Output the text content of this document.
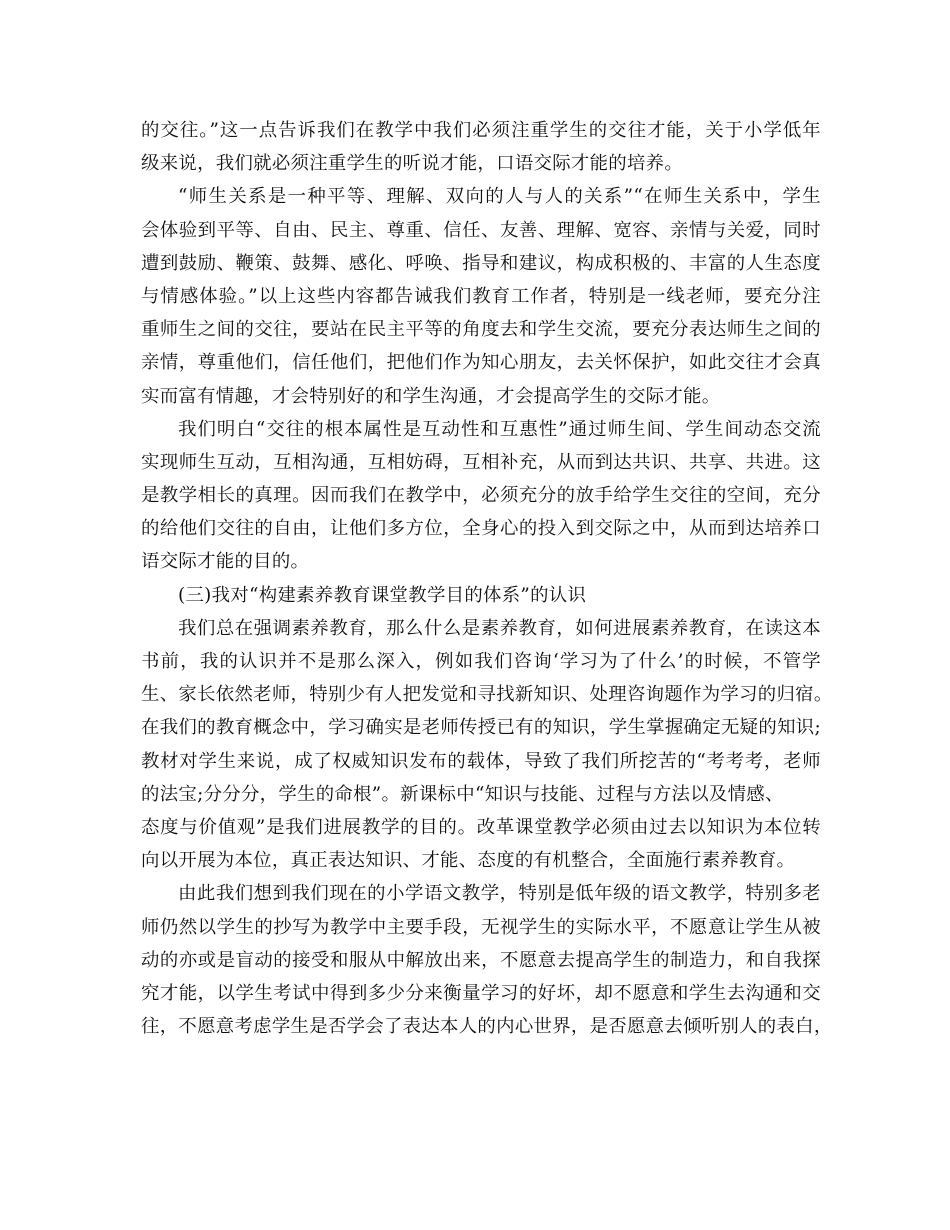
的交往。”这一点告诉我们在教学中我们必须注重学生的交往才能，关于小学低年
级来说，我们就必须注重学生的听说才能，口语交际才能的培养。
“师生关系是一种平等、理解、双向的人与人的关系”“在师生关系中，学生
会体验到平等、自由、民主、尊重、信任、友善、理解、宽容、亲情与关爱，同时
遭到鼓励、鞭策、鼓舞、感化、呼唤、指导和建议，构成积极的、丰富的人生态度
与情感体验。”以上这些内容都告诫我们教育工作者，特别是一线老师，要充分注
重师生之间的交往，要站在民主平等的角度去和学生交流，要充分表达师生之间的
亲情，尊重他们，信任他们，把他们作为知心朋友，去关怀保护，如此交往才会真
实而富有情趣，才会特别好的和学生沟通，才会提高学生的交际才能。
我们明白“交往的根本属性是互动性和互惠性”通过师生间、学生间动态交流
实现师生互动，互相沟通，互相妨碍，互相补充，从而到达共识、共享、共进。这
是教学相长的真理。因而我们在教学中，必须充分的放手给学生交往的空间，充分
的给他们交往的自由，让他们多方位，全身心的投入到交际之中，从而到达培养口
语交际才能的目的。
(三)我对“构建素养教育课堂教学目的体系”的认识
我们总在强调素养教育，那么什么是素养教育，如何进展素养教育，在读这本
书前，我的认识并不是那么深入，例如我们咨询‘学习为了什么’的时候，不管学
生、家长依然老师，特别少有人把发觉和寻找新知识、处理咨询题作为学习的归宿。
在我们的教育概念中，学习确实是老师传授已有的知识，学生掌握确定无疑的知识;
教材对学生来说，成了权威知识发布的载体，导致了我们所挖苦的“考考考，老师
的法宝;分分分，学生的命根”。新课标中“知识与技能、过程与方法以及情感、
态度与价值观”是我们进展教学的目的。改革课堂教学必须由过去以知识为本位转
向以开展为本位，真正表达知识、才能、态度的有机整合，全面施行素养教育。
由此我们想到我们现在的小学语文教学，特别是低年级的语文教学，特别多老
师仍然以学生的抄写为教学中主要手段，无视学生的实际水平，不愿意让学生从被
动的亦或是盲动的接受和服从中解放出来，不愿意去提高学生的制造力，和自我探
究才能，以学生考试中得到多少分来衡量学习的好坏，却不愿意和学生去沟通和交
往，不愿意考虑学生是否学会了表达本人的内心世界，是否愿意去倾听别人的表白，
